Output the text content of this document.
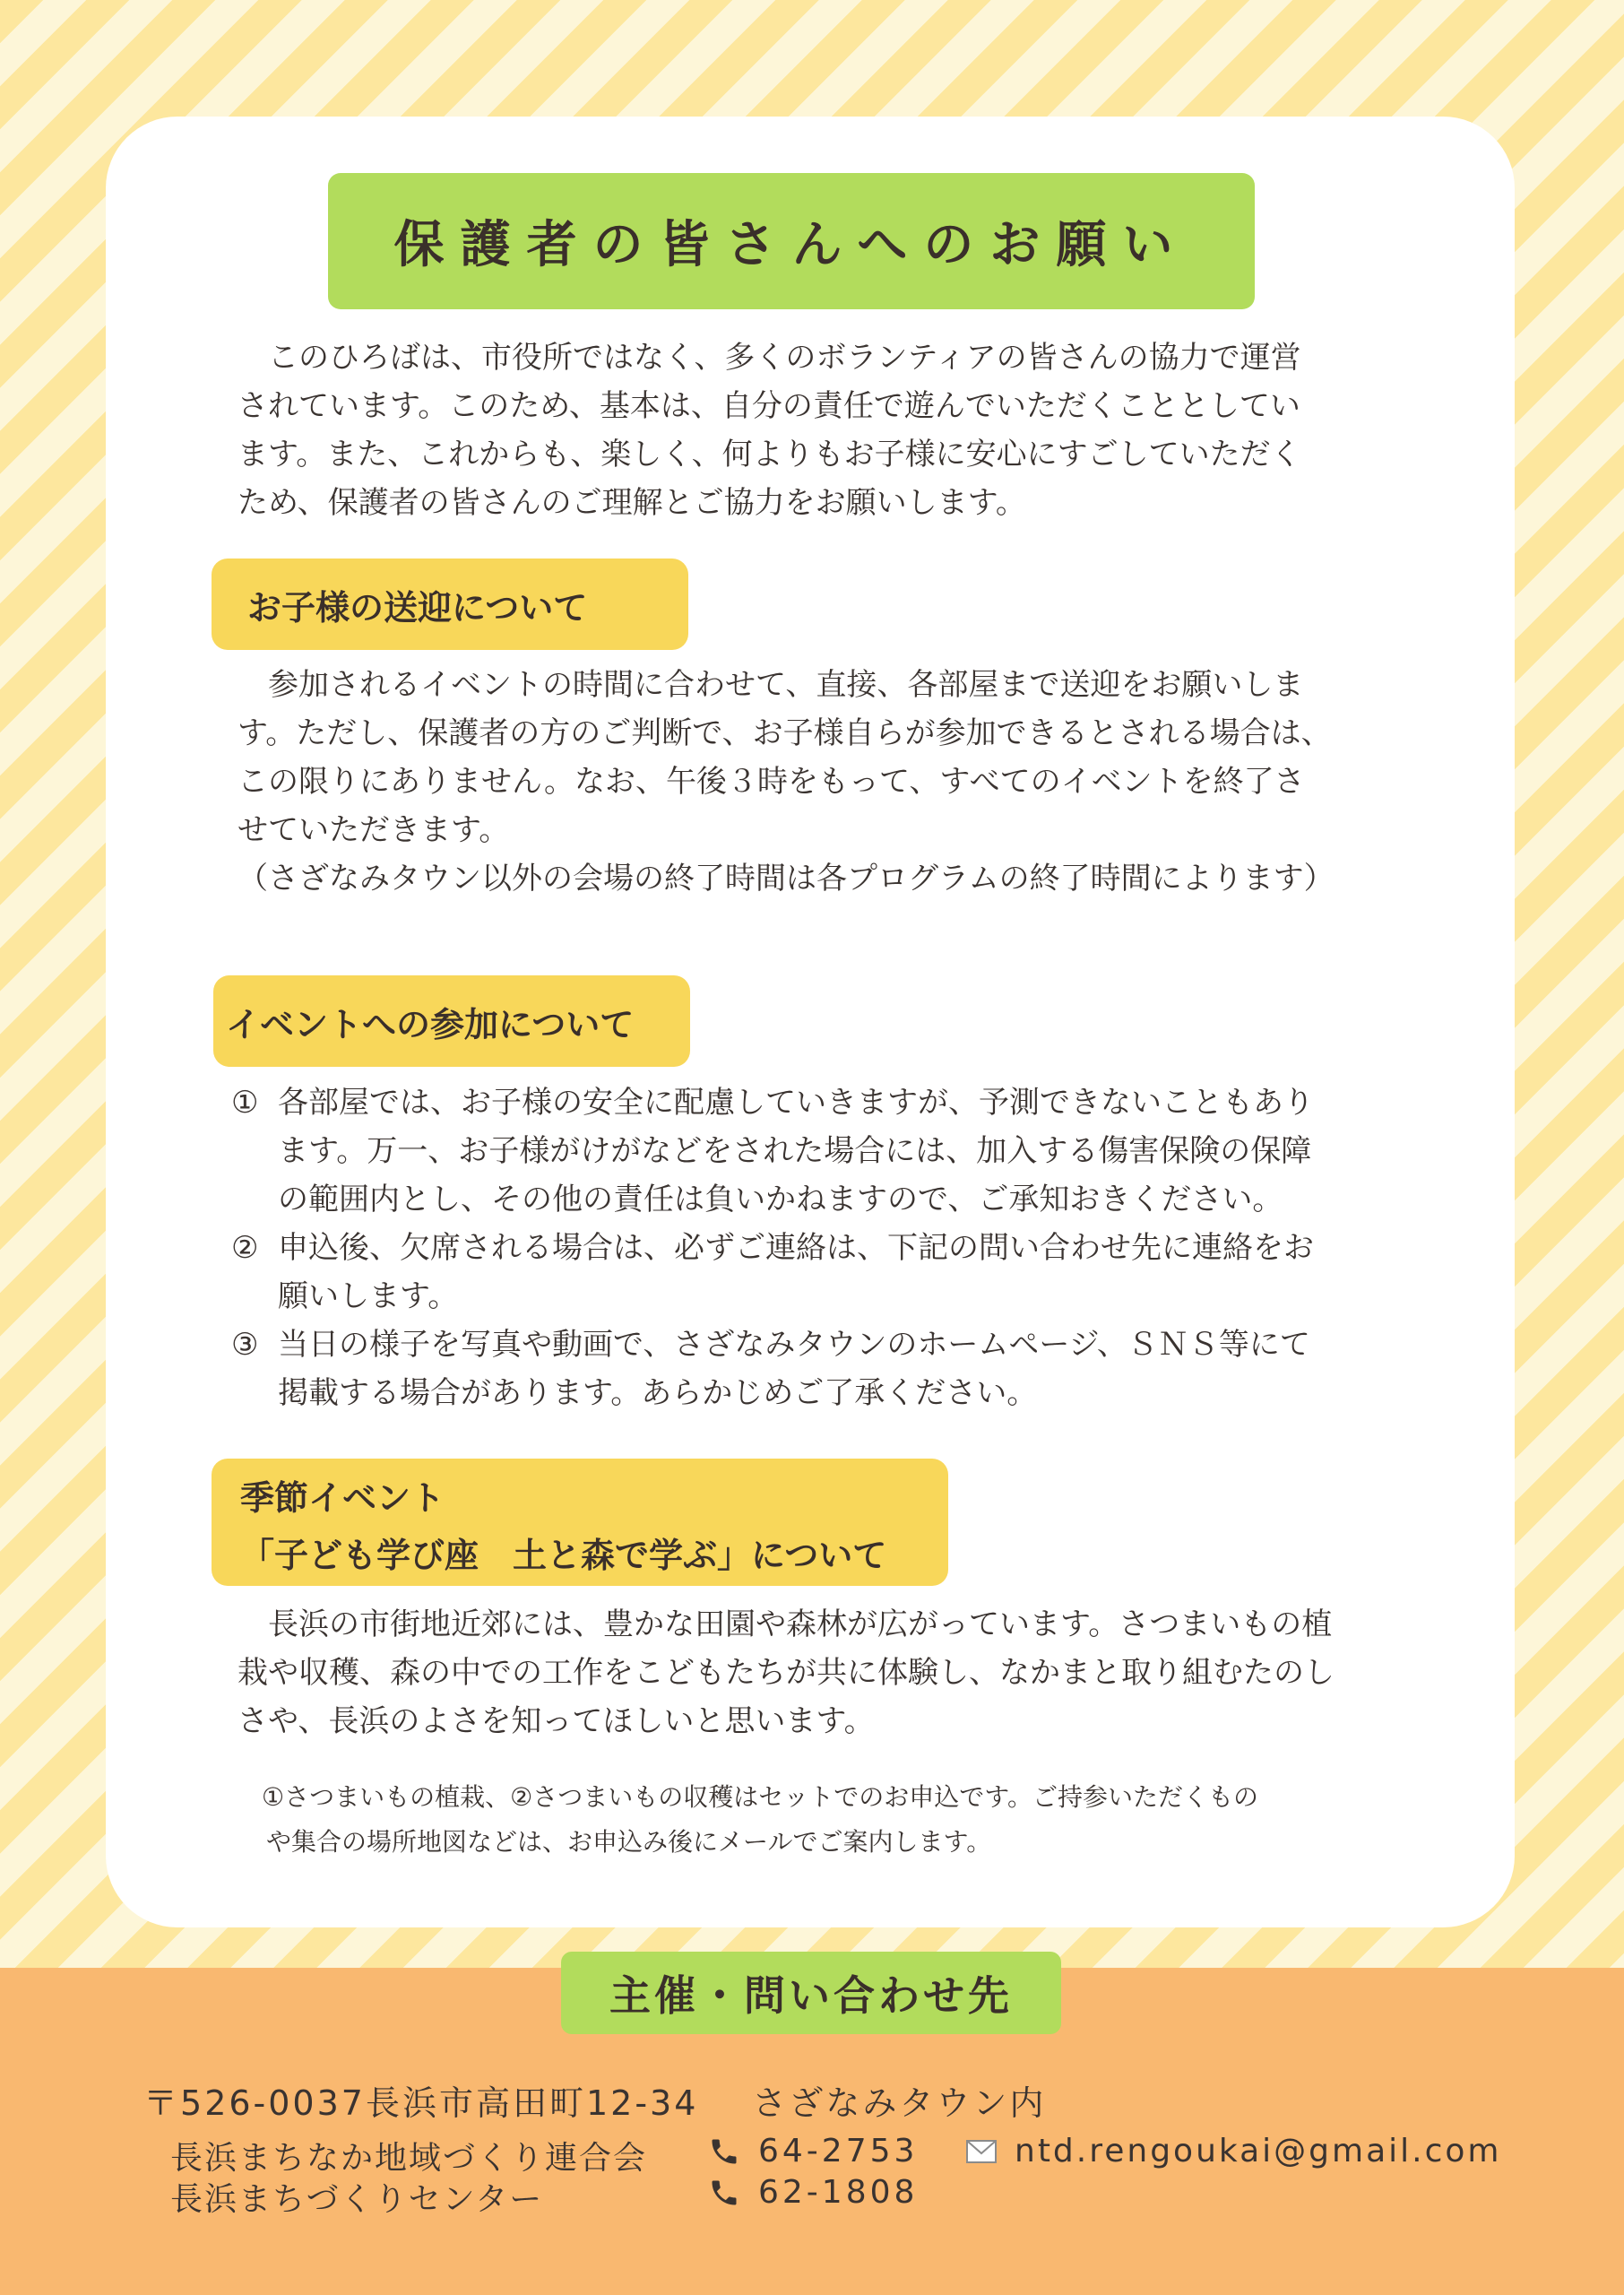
保護者の皆さんへのお願い

このひろばは、市役所ではなく、多くのボランティアの皆さんの協力で運営

されています。このため、基本は、自分の責任で遊んでいただくこととしてい

ます。また、これからも、楽しく、何よりもお子様に安心にすごしていただく

ため、保護者の皆さんのご理解とご協力をお願いします。

お子様の送迎について

参加されるイベントの時間に合わせて、直接、各部屋まで送迎をお願いしま

す。ただし、保護者の方のご判断で、お子様自らが参加できるとされる場合は、

この限りにありません。なお、午後３時をもって、すべてのイベントを終了さ

せていただきます。

（さざなみタウン以外の会場の終了時間は各プログラムの終了時間によります）

イベントへの参加について
① 各部屋では、お子様の安全に配慮していきますが、予測できないこともあり
ます。万一、お子様がけがなどをされた場合には、加入する傷害保険の保障
の範囲内とし、その他の責任は負いかねますので、ご承知おきください。
② 申込後、欠席される場合は、必ずご連絡は、下記の問い合わせ先に連絡をお
願いします。
③ 当日の様子を写真や動画で、さざなみタウンのホームページ、ＳＮＳ等にて
掲載する場合があります。あらかじめご了承ください。
季節イベント
「子ども学び座　土と森で学ぶ」について

長浜の市街地近郊には、豊かな田園や森林が広がっています。さつまいもの植

栽や収穫、森の中での工作をこどもたちが共に体験し、なかまと取り組むたのし

さや、長浜のよさを知ってほしいと思います。

①さつまいもの植栽、②さつまいもの収穫はセットでのお申込です。ご持参いただくもの
や集合の場所地図などは、お申込み後にメールでご案内します。
主催・問い合わせ先
〒526-0037長浜市高田町12-34 さざなみタウン内
長浜まちなか地域づくり連合会	64-2753	ntd.rengoukai@gmail.com
長浜まちづくりセンター	62-1808
